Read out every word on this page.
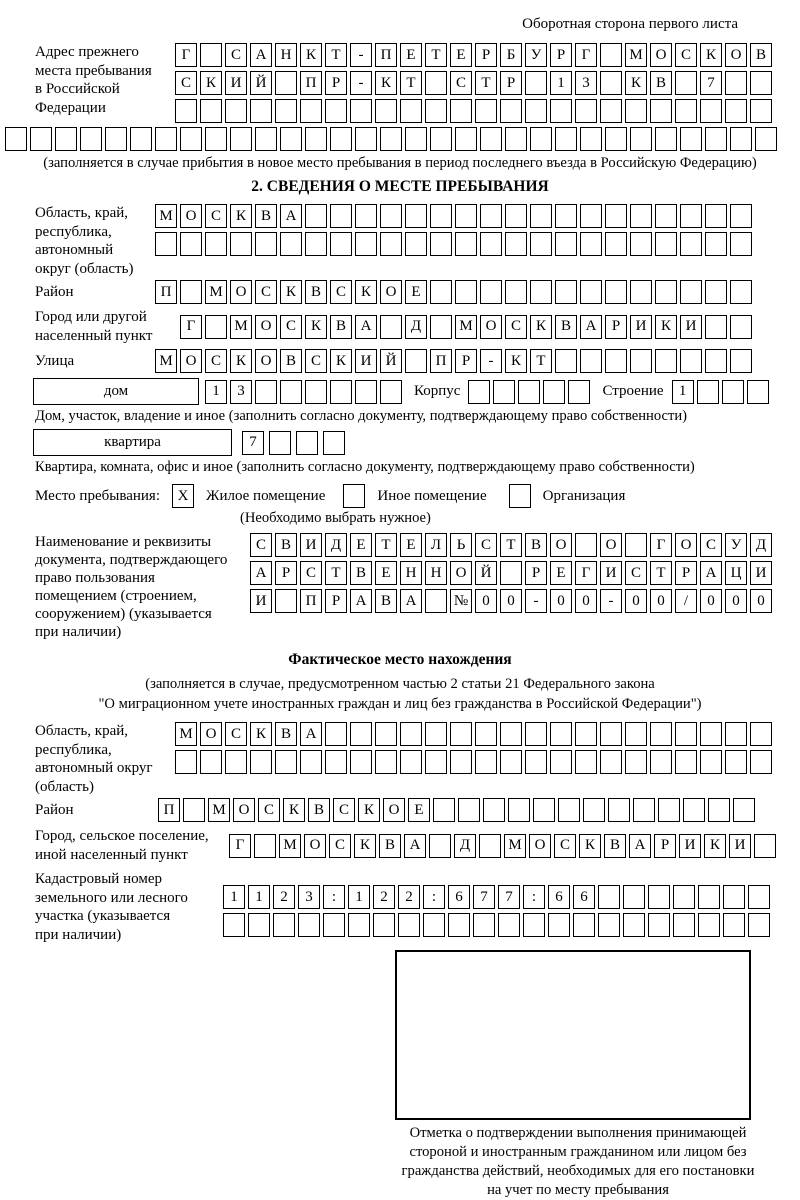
Оборотная сторона первого листа
Адрес прежнего
места пребывания
в Российской
Федерации
Г	С А Н К	Т	-	П Е	Т	Е	Р	Б	У	Р	Г	М О С К О В
С К И Й	П	Р	-	К	Т	С	Т	Р	1	3	К В	7
(заполняется в случае прибытия в новое место пребывания в период последнего въезда в Российскую Федерацию)
2. СВЕДЕНИЯ О МЕСТЕ ПРЕБЫВАНИЯ
Область, край,
республика,
автономный
округ (область)
М О С К В А
Район	П	М О С К В С К О Е
Город или другой
населенный пункт
Г	М О С К В А	Д	М О С К В А	Р	И К И
Улица	М О С К О В С К И Й	П	Р	-	К	Т
дом	1	3	Корпус	Строение	1
Дом, участок, владение и иное (заполнить согласно документу, подтверждающему право собственности)
квартира	7
Квартира, комната, офис и иное (заполнить согласно документу, подтверждающему право собственности)
Место пребывания:	X	Жилое помещение	Иное помещение	Организация
(Необходимо выбрать нужное)
Наименование и реквизиты
документа, подтверждающего
право пользования
помещением (строением,
сооружением) (указывается
при наличии)
С В И Д	Е	Т	Е	Л	Ь	С	Т	В О	О	Г	О С У Д
А	Р	С	Т	В	Е	Н Н О Й	Р	Е	Г	И С	Т	Р	А Ц И
И	П	Р	А В А	№ 0	0	-	0	0	-	0	0	/	0	0	0
Фактическое место нахождения
(заполняется в случае, предусмотренном частью 2 статьи 21 Федерального закона
"О миграционном учете иностранных граждан и лиц без гражданства в Российской Федерации")
Область, край,
республика,
автономный округ
(область)
М О С К В А
Район	П	М О С К В С К О Е
Город, сельское поселение,
иной населенный пункт
Г	М О С К В А	Д	М О С К В А	Р	И К И
Кадастровый номер
земельного или лесного
участка (указывается
при наличии)
1	1	2	3	:	1	2	2	:	6	7	7	:	6	6
Отметка о подтверждении выполнения принимающей
стороной и иностранным гражданином или лицом без
гражданства действий, необходимых для его постановки
на учет по месту пребывания
